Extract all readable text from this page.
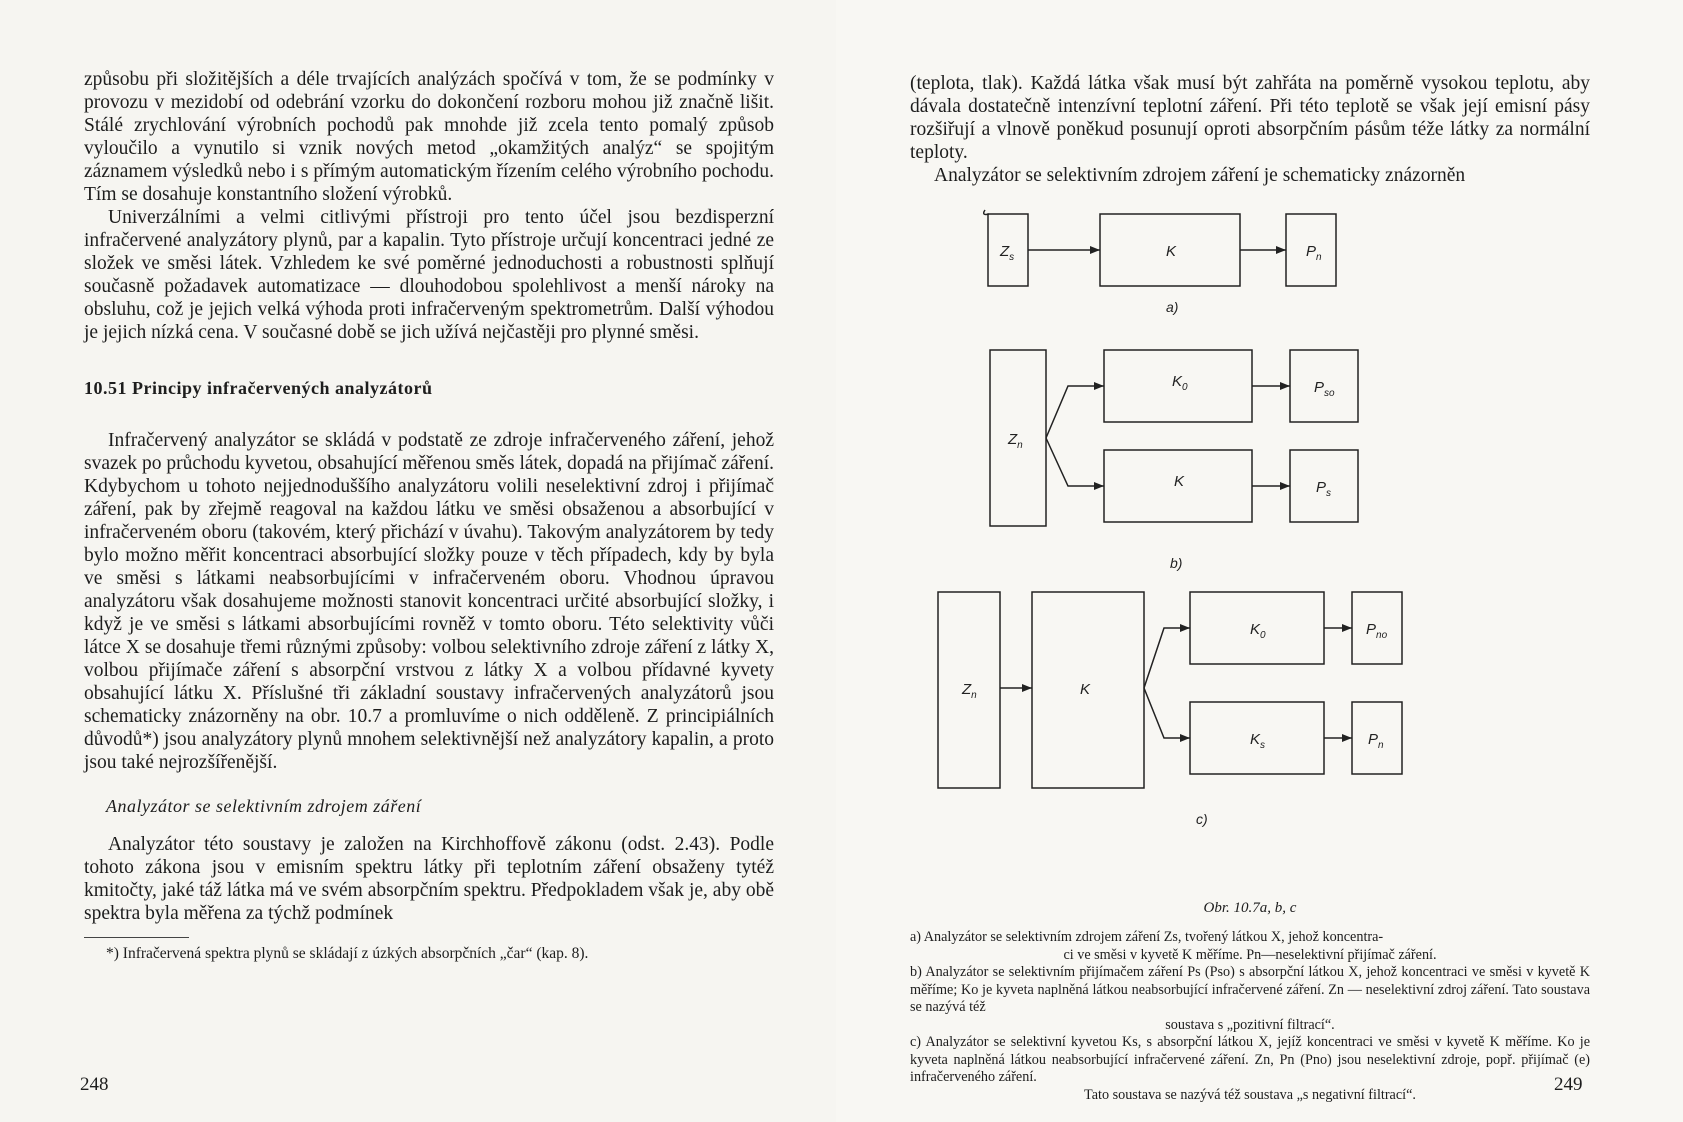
způsobu při složitějších a déle trvajících analýzách spočívá v tom, že se podmínky v provozu v mezidobí od odebrání vzorku do dokončení rozboru mohou již značně lišit. Stálé zrychlování výrobních pochodů pak mnohde již zcela tento pomalý způsob vyloučilo a vynutilo si vznik nových metod „okamžitých analýz“ se spojitým záznamem výsledků nebo i s přímým automatickým řízením celého výrobního pochodu. Tím se dosahuje konstantního složení výrobků.

Univerzálními a velmi citlivými přístroji pro tento účel jsou bezdisperzní infračervené analyzátory plynů, par a kapalin. Tyto přístroje určují koncentraci jedné ze složek ve směsi látek. Vzhledem ke své poměrné jednoduchosti a robustnosti splňují současně požadavek automatizace — dlouhodobou spolehlivost a menší nároky na obsluhu, což je jejich velká výhoda proti infračerveným spektrometrům. Další výhodou je jejich nízká cena. V současné době se jich užívá nejčastěji pro plynné směsi.

10.51 Principy infračervených analyzátorů

Infračervený analyzátor se skládá v podstatě ze zdroje infračerveného záření, jehož svazek po průchodu kyvetou, obsahující měřenou směs látek, dopadá na přijímač záření. Kdybychom u tohoto nejjednoduššího analyzátoru volili neselektivní zdroj i přijímač záření, pak by zřejmě reagoval na každou látku ve směsi obsaženou a absorbující v infračerveném oboru (takovém, který přichází v úvahu). Takovým analyzátorem by tedy bylo možno měřit koncentraci absorbující složky pouze v těch případech, kdy by byla ve směsi s látkami neabsorbujícími v infračerveném oboru. Vhodnou úpravou analyzátoru však dosahujeme možnosti stanovit koncentraci určité absorbující složky, i když je ve směsi s látkami absorbujícími rovněž v tomto oboru. Této selektivity vůči látce X se dosahuje třemi různými způsoby: volbou selektivního zdroje záření z látky X, volbou přijímače záření s absorpční vrstvou z látky X a volbou přídavné kyvety obsahující látku X. Příslušné tři základní soustavy infračervených analyzátorů jsou schematicky znázorněny na obr. 10.7 a promluvíme o nich odděleně. Z principiálních důvodů*) jsou analyzátory plynů mnohem selektivnější než analyzátory kapalin, a proto jsou také nejrozšířenější.

Analyzátor se selektivním zdrojem záření

Analyzátor této soustavy je založen na Kirchhoffově zákonu (odst. 2.43). Podle tohoto zákona jsou v emisním spektru látky při teplotním záření obsaženy tytéž kmitočty, jaké táž látka má ve svém absorpčním spektru. Předpokladem však je, aby obě spektra byla měřena za týchž podmínek

*) Infračervená spektra plynů se skládají z úzkých absorpčních „čar“ (kap. 8).

248

(teplota, tlak). Každá látka však musí být zahřáta na poměrně vysokou teplotu, aby dávala dostatečně intenzívní teplotní záření. Při této teplotě se však její emisní pásy rozšiřují a vlnově poněkud posunují oproti absorpčním pásům téže látky za normální teploty.

Analyzátor se selektivním zdrojem záření je schematicky znázorněn

$Z_s$	K	$P_n$
a)
$Z_n$
$K_0$
K
$P_{so}$
$P_s$
b)
$Z_n$	K
$K_0$
$K_s$
$P_{no}$
$P_n$
c)

Obr. 10.7a, b, c

a) Analyzátor se selektivním zdrojem záření Zs, tvořený látkou X, jehož koncentra-
ci ve směsi v kyvetě K měříme. Pn—neselektivní přijímač záření.

b) Analyzátor se selektivním přijímačem záření Ps (Pso) s absorpční látkou X, jehož koncentraci ve směsi v kyvetě K měříme; Ko je kyveta naplněná látkou neabsorbující infračervené záření. Zn — neselektivní zdroj záření. Tato soustava se nazývá též
soustava s „pozitivní filtrací“.

c) Analyzátor se selektivní kyvetou Ks, s absorpční látkou X, jejíž koncentraci ve směsi v kyvetě K měříme. Ko je kyveta naplněná látkou neabsorbující infračervené záření. Zn, Pn (Pno) jsou neselektivní zdroje, popř. přijímač (e) infračerveného záření.
Tato soustava se nazývá též soustava „s negativní filtrací“.	249
